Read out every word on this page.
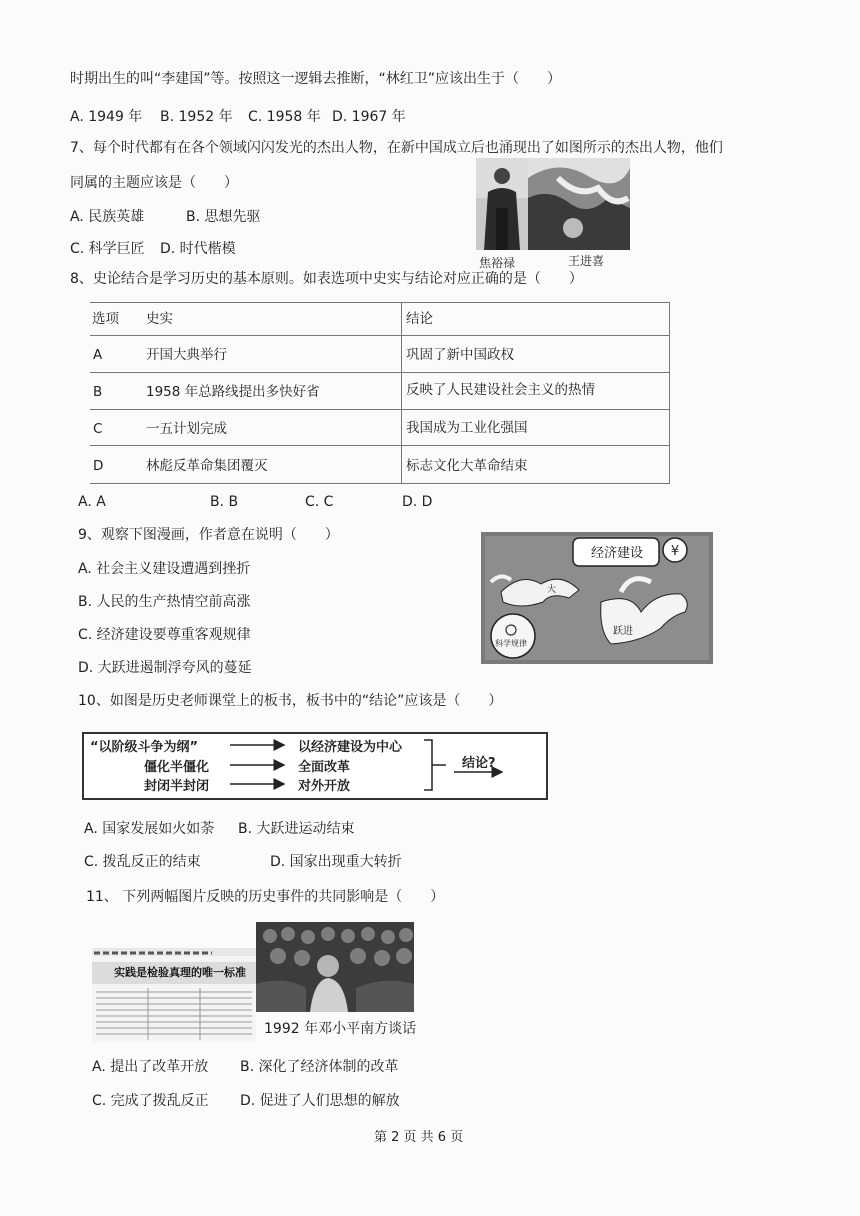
时期出生的叫“李建国”等。按照这一逻辑去推断，“林红卫”应该出生于（　　）
A. 1949 年 B. 1952 年 C. 1958 年 D. 1967 年
7、每个时代都有在各个领域闪闪发光的杰出人物，在新中国成立后也涌现出了如图所示的杰出人物，他们
同属的主题应该是（　　）
A. 民族英雄	B. 思想先驱
C. 科学巨匠 D. 时代楷模
焦裕禄	王进喜
8、史论结合是学习历史的基本原则。如表选项中史实与结论对应正确的是（　　）
选项 史实	结论
A	开国大典举行	巩固了新中国政权
B	1958 年总路线提出多快好省	反映了人民建设社会主义的热情
C	一五计划完成	我国成为工业化强国
D	林彪反革命集团覆灭	标志文化大革命结束
A. A	B. B	C. C	D. D
9、观察下图漫画，作者意在说明（　　）
A. 社会主义建设遭遇到挫折
B. 人民的生产热情空前高涨
C. 经济建设要尊重客观规律
D. 大跃进遏制浮夸风的蔓延
¥
经济建设
科学规律
大
跃进
10、如图是历史老师课堂上的板书，板书中的“结论”应该是（　　）
“以阶级斗争为纲”
僵化半僵化
封闭半封闭
以经济建设为中心
全面改革
对外开放
结论?
A. 国家发展如火如荼 B. 大跃进运动结束
C. 拨乱反正的结束	D. 国家出现重大转折
11、 下列两幅图片反映的历史事件的共同影响是（　　）
实践是检验真理的唯一标准
1992 年邓小平南方谈话
A. 提出了改革开放 B. 深化了经济体制的改革
C. 完成了拨乱反正 D. 促进了人们思想的解放
第 2 页 共 6 页
